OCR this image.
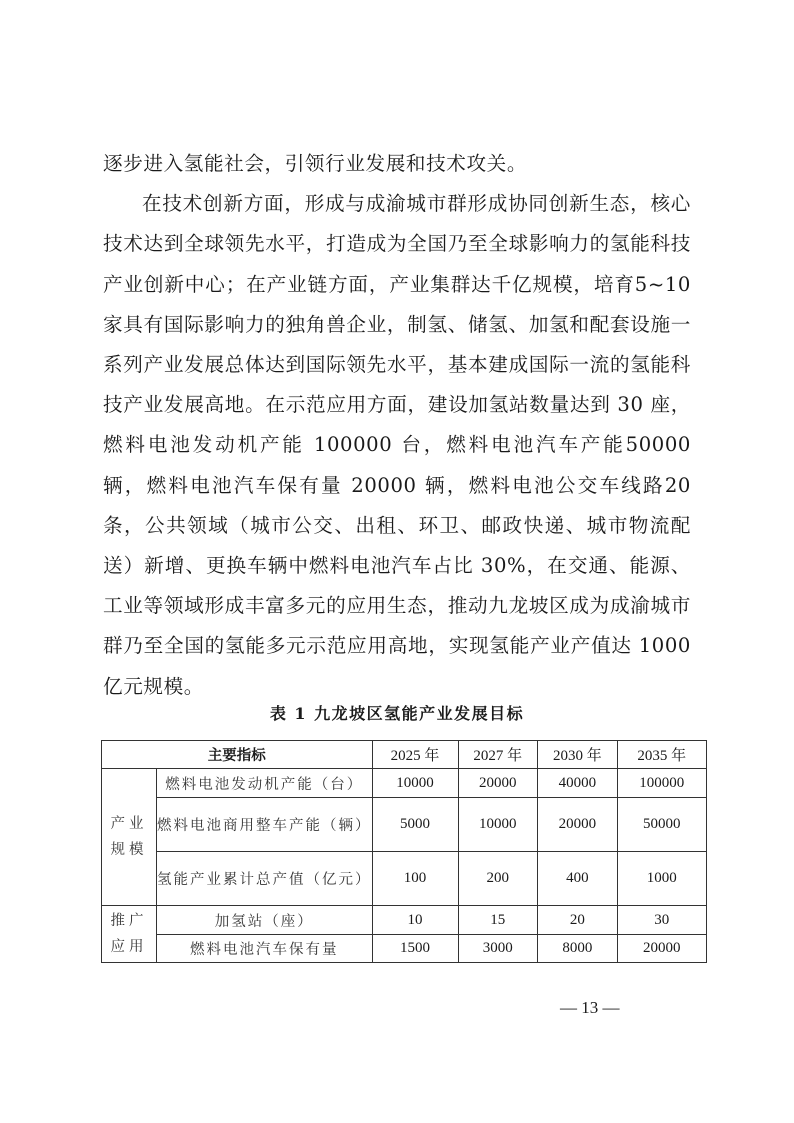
逐步进入氢能社会，引领行业发展和技术攻关。

在技术创新方面，形成与成渝城市群形成协同创新生态，核心技术达到全球领先水平，打造成为全国乃至全球影响力的氢能科技产业创新中心；在产业链方面，产业集群达千亿规模，培育5~10 家具有国际影响力的独角兽企业，制氢、储氢、加氢和配套设施一系列产业发展总体达到国际领先水平，基本建成国际一流的氢能科技产业发展高地。在示范应用方面，建设加氢站数量达到 30 座，燃料电池发动机产能 100000 台，燃料电池汽车产能50000 辆，燃料电池汽车保有量 20000 辆，燃料电池公交车线路20 条，公共领域（城市公交、出租、环卫、邮政快递、城市物流配送）新增、更换车辆中燃料电池汽车占比 30%，在交通、能源、工业等领域形成丰富多元的应用生态，推动九龙坡区成为成渝城市群乃至全国的氢能多元示范应用高地，实现氢能产业产值达 1000 亿元规模。

表 1 九龙坡区氢能产业发展目标
主要指标		2025 年	2027 年	2030 年	2035 年
产业规模	燃料电池发动机产能（台）	10000	20000	40000	100000
	燃料电池商用整车产能（辆）	5000	10000	20000	50000
	氢能产业累计总产值（亿元）	100	200	400	1000
推广应用	加氢站（座）	10	15	20	30
	燃料电池汽车保有量	1500	3000	8000	20000
— 13 —
